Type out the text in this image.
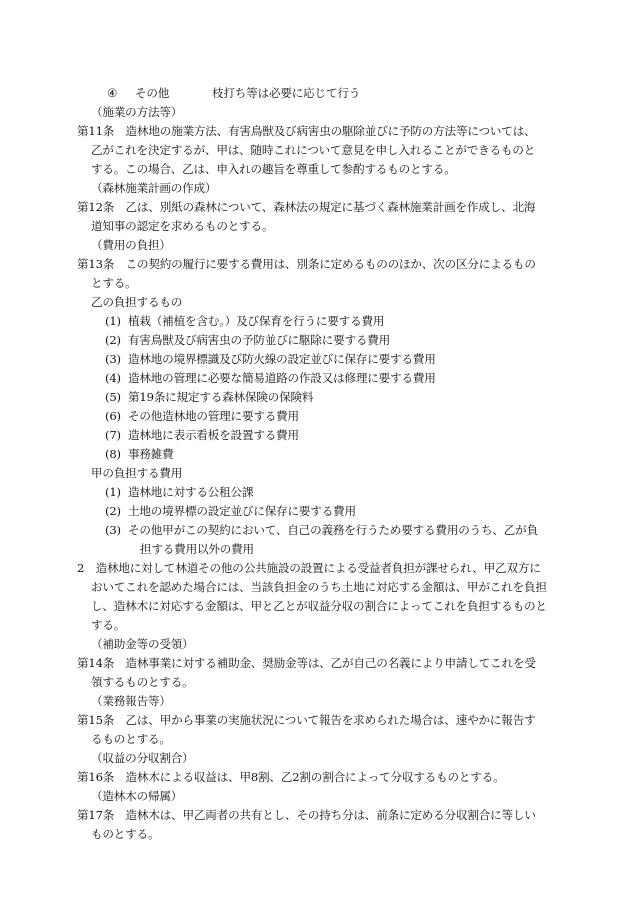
④ その他	枝打ち等は必要に応じて行う
（施業の方法等）
第11条　造林地の施業方法、有害鳥獣及び病害虫の駆除並びに予防の方法等については、
乙がこれを決定するが、甲は、随時これについて意見を申し入れることができるものと
する。この場合、乙は、申入れの趣旨を尊重して参酌するものとする。
（森林施業計画の作成）
第12条　乙は、別紙の森林について、森林法の規定に基づく森林施業計画を作成し、北海
道知事の認定を求めるものとする。
（費用の負担）
第13条　この契約の履行に要する費用は、別条に定めるもののほか、次の区分によるもの
とする。
乙の負担するもの
(1) 植栽（補植を含む。）及び保育を行うに要する費用
(2) 有害鳥獣及び病害虫の予防並びに駆除に要する費用
(3) 造林地の境界標識及び防火線の設定並びに保存に要する費用
(4) 造林地の管理に必要な簡易道路の作設又は修理に要する費用
(5) 第19条に規定する森林保険の保険料
(6) その他造林地の管理に要する費用
(7) 造林地に表示看板を設置する費用
(8) 事務雑費
甲の負担する費用
(1) 造林地に対する公租公課
(2) 土地の境界標の設定並びに保存に要する費用
(3) その他甲がこの契約において、自己の義務を行うため要する費用のうち、乙が負
担する費用以外の費用
2　造林地に対して林道その他の公共施設の設置による受益者負担が課せられ、甲乙双方に
おいてこれを認めた場合には、当該負担金のうち土地に対応する金額は、甲がこれを負担
し、造林木に対応する金額は、甲と乙とが収益分収の割合によってこれを負担するものと
する。
（補助金等の受領）
第14条　造林事業に対する補助金、奨励金等は、乙が自己の名義により申請してこれを受
領するものとする。
（業務報告等）
第15条　乙は、甲から事業の実施状況について報告を求められた場合は、速やかに報告す
るものとする。
（収益の分収割合）
第16条　造林木による収益は、甲8割、乙2割の割合によって分収するものとする。
（造林木の帰属）
第17条　造林木は、甲乙両者の共有とし、その持ち分は、前条に定める分収割合に等しい
ものとする。
